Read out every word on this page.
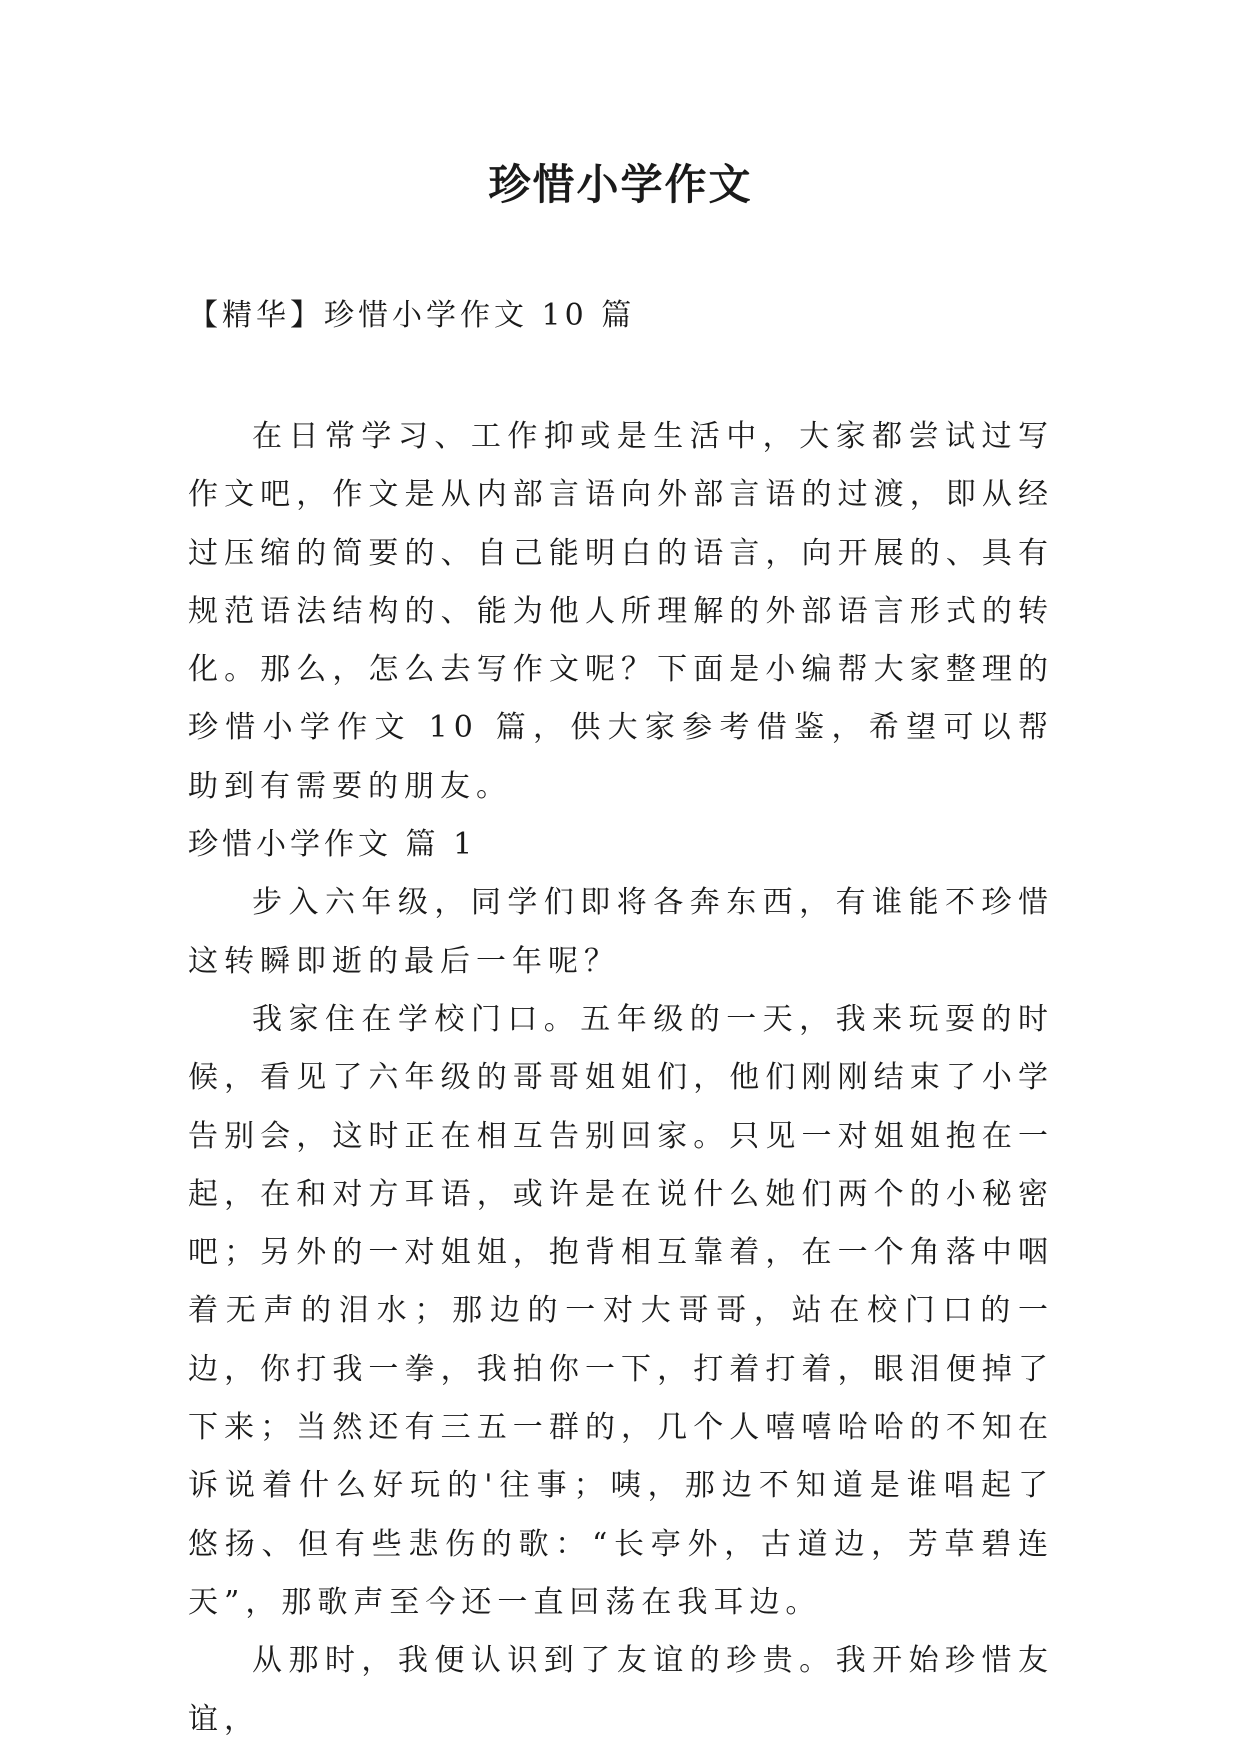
珍惜小学作文
【精华】珍惜小学作文 10 篇

在日常学习、工作抑或是生活中，大家都尝试过写作文吧，作文是从内部言语向外部言语的过渡，即从经过压缩的简要的、自己能明白的语言，向开展的、具有规范语法结构的、能为他人所理解的外部语言形式的转化。那么，怎么去写作文呢？下面是小编帮大家整理的珍惜小学作文 10 篇，供大家参考借鉴，希望可以帮助到有需要的朋友。

珍惜小学作文 篇 1

步入六年级，同学们即将各奔东西，有谁能不珍惜这转瞬即逝的最后一年呢？

我家住在学校门口。五年级的一天，我来玩耍的时候，看见了六年级的哥哥姐姐们，他们刚刚结束了小学告别会，这时正在相互告别回家。只见一对姐姐抱在一起，在和对方耳语，或许是在说什么她们两个的小秘密吧；另外的一对姐姐，抱背相互靠着，在一个角落中咽着无声的泪水；那边的一对大哥哥，站在校门口的一边，你打我一拳，我拍你一下，打着打着，眼泪便掉了下来；当然还有三五一群的，几个人嘻嘻哈哈的不知在诉说着什么好玩的'往事；咦，那边不知道是谁唱起了悠扬、但有些悲伤的歌：“长亭外，古道边，芳草碧连天”，那歌声至今还一直回荡在我耳边。

从那时，我便认识到了友谊的珍贵。我开始珍惜友谊，
